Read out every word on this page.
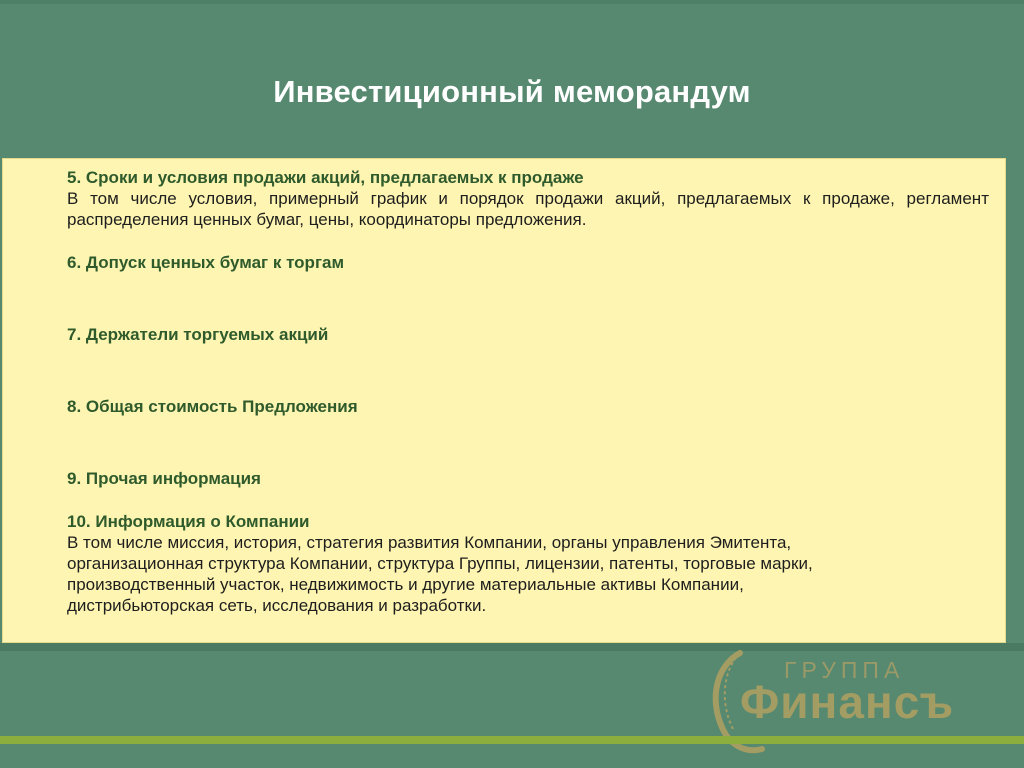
Инвестиционный меморандум
5. Сроки и условия продажи акций, предлагаемых к продаже
В том числе условия, примерный график и порядок продажи акций, предлагаемых к продаже, регламент распределения ценных бумаг, цены, координаторы предложения.
6. Допуск ценных бумаг к торгам
7. Держатели торгуемых акций
8. Общая стоимость Предложения
9. Прочая информация
10. Информация о Компании
В том числе миссия, история, стратегия развития Компании, органы управления Эмитента,
организационная структура Компании, структура Группы, лицензии, патенты, торговые марки,
производственный участок, недвижимость и другие материальные активы Компании,
дистрибьюторская сеть, исследования и разработки.
ГРУППА
Финансъ
